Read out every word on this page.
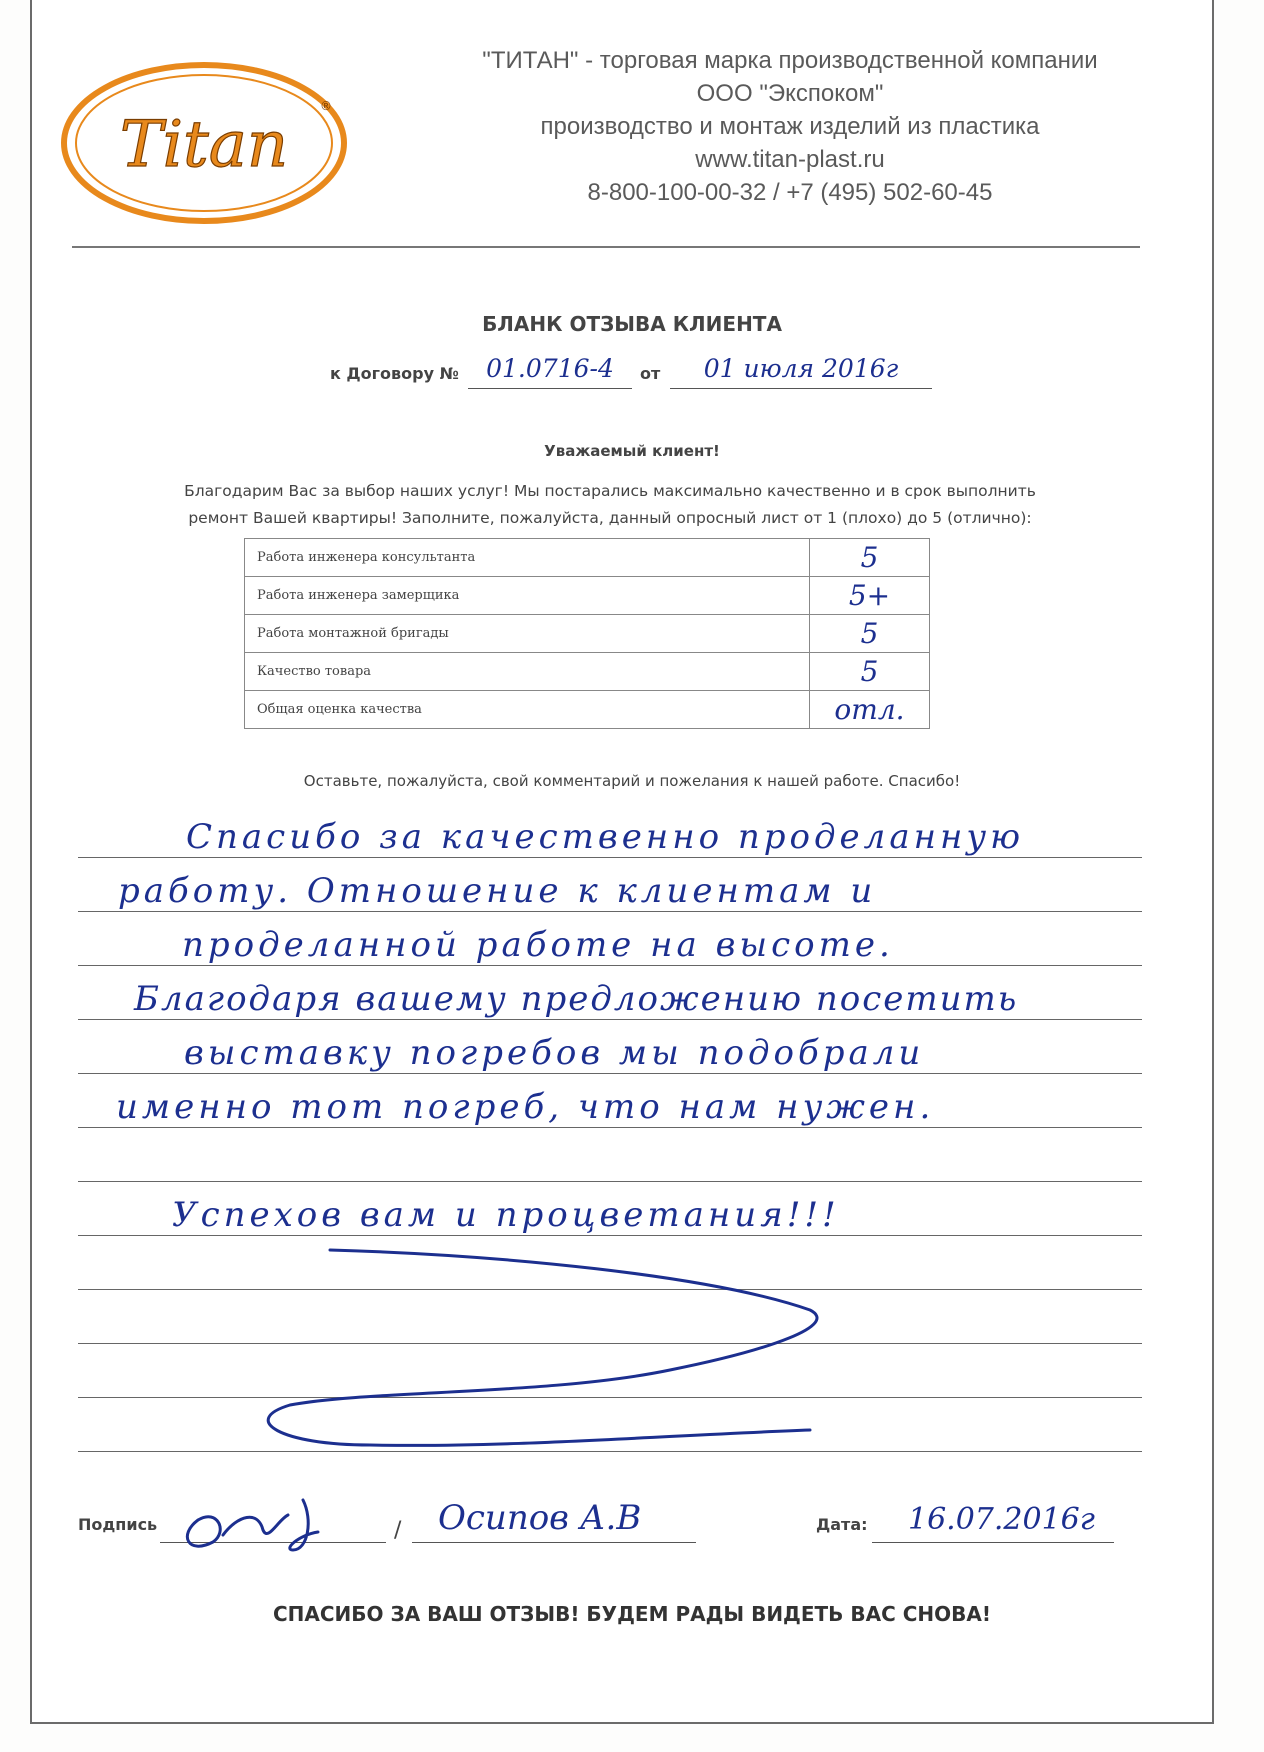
Titan
®
"ТИТАН" - торговая марка производственной компании
ООО "Экспоком"
производство и монтаж изделий из пластика
www.titan-plast.ru
8-800-100-00-32 / +7 (495) 502-60-45
БЛАНК ОТЗЫВА КЛИЕНТА
к Договору №	01.0716-4	от	01 июля 2016г
Уважаемый клиент!
Благодарим Вас за выбор наших услуг! Мы постарались максимально качественно и в срок выполнить
ремонт Вашей квартиры! Заполните, пожалуйста, данный опросный лист от 1 (плохо) до 5 (отлично):
Работа инженера консультанта	5
Работа инженера замерщика	5+
Работа монтажной бригады	5
Качество товара	5
Общая оценка качества	отл.
Оставьте, пожалуйста, свой комментарий и пожелания к нашей работе. Спасибо!
Спасибо за качественно проделанную
работу. Отношение к клиентам и
проделанной работе на высоте.
Благодаря вашему предложению посетить
выставку погребов мы подобрали
именно тот погреб, что нам нужен.
Успехов вам и процветания!!!
Подпись	/ Осипов А.В	Дата: 16.07.2016г
СПАСИБО ЗА ВАШ ОТЗЫВ! БУДЕМ РАДЫ ВИДЕТЬ ВАС СНОВА!
